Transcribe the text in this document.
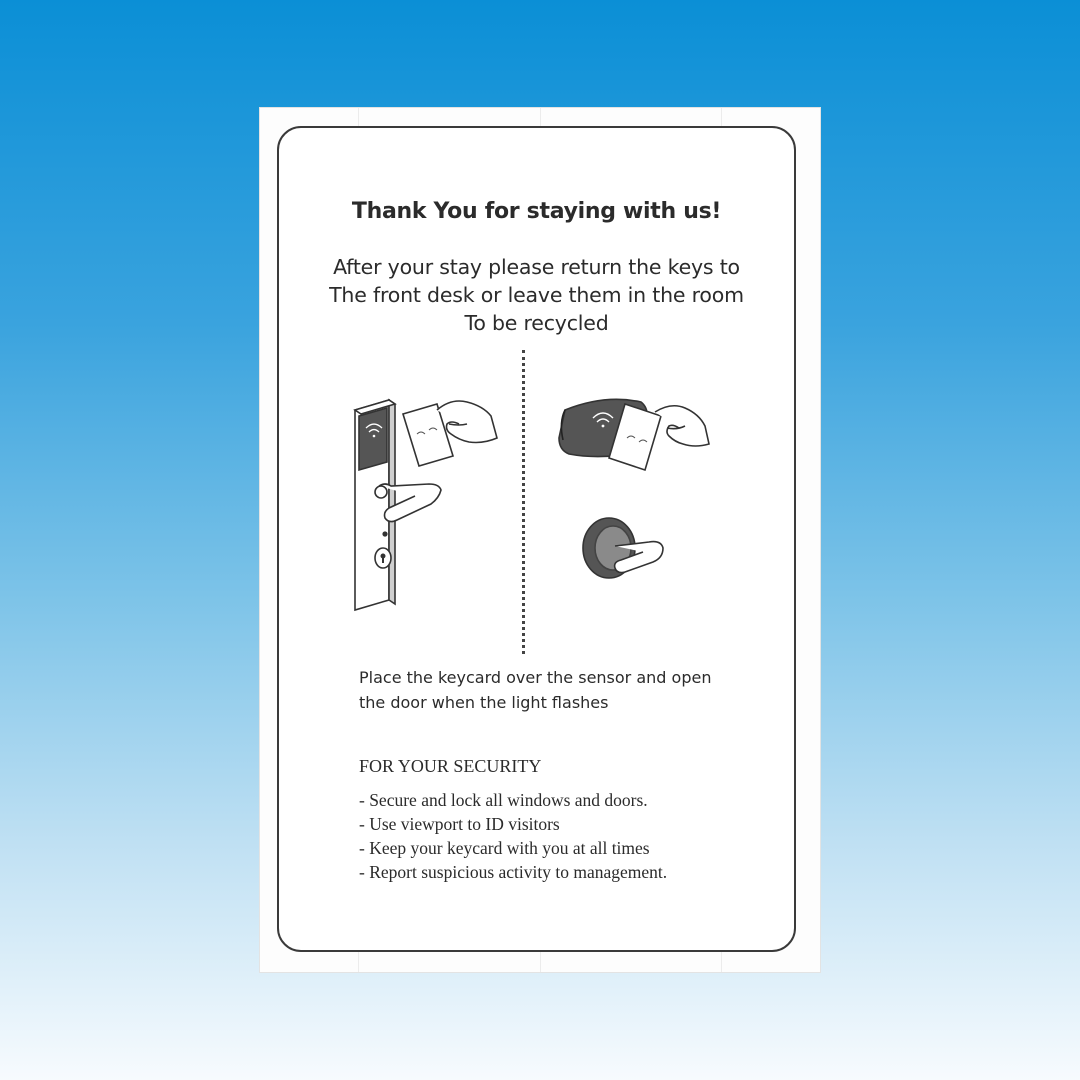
Thank You for staying with us!
After your stay please return the keys to
The front desk or leave them in the room
To be recycled
Place the keycard over the sensor and open
the door when the light flashes
FOR YOUR SECURITY
- Secure and lock all windows and doors.
- Use viewport to ID visitors
- Keep your keycard with you at all times
- Report suspicious activity to management.
